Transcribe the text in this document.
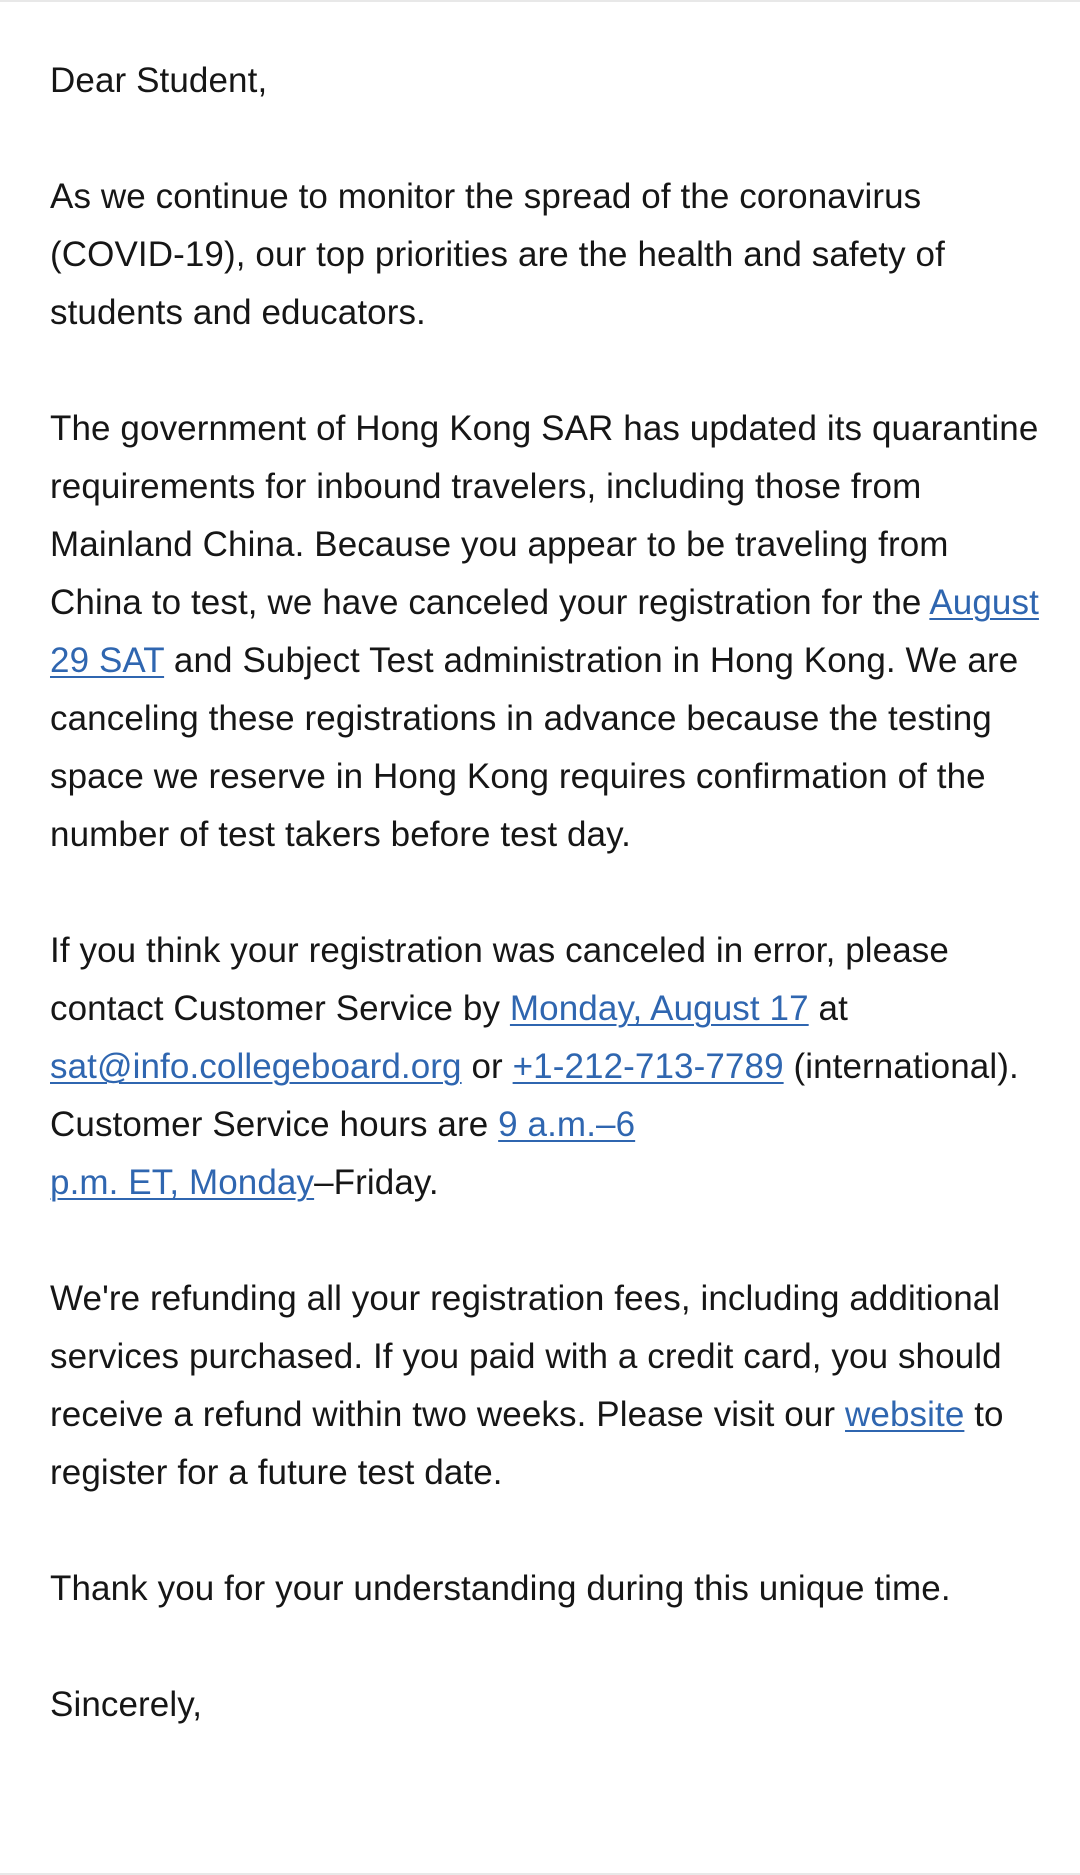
Dear Student,
As we continue to monitor the spread of the coronavirus (COVID-19), our top priorities are the health and safety of students and educators.
The government of Hong Kong SAR has updated its quarantine requirements for inbound travelers, including those from Mainland China. Because you appear to be traveling from China to test, we have canceled your registration for the August 29 SAT and Subject Test administration in Hong Kong. We are canceling these registrations in advance because the testing space we reserve in Hong Kong requires confirmation of the number of test takers before test day.
If you think your registration was canceled in error, please contact Customer Service by Monday, August 17 at sat@info.collegeboard.org or +1-212-713-7789 (international). Customer Service hours are 9 a.m.–6
p.m. ET, Monday–Friday.
We're refunding all your registration fees, including additional services purchased. If you paid with a credit card, you should receive a refund within two weeks. Please visit our website to register for a future test date.
Thank you for your understanding during this unique time.
Sincerely,
